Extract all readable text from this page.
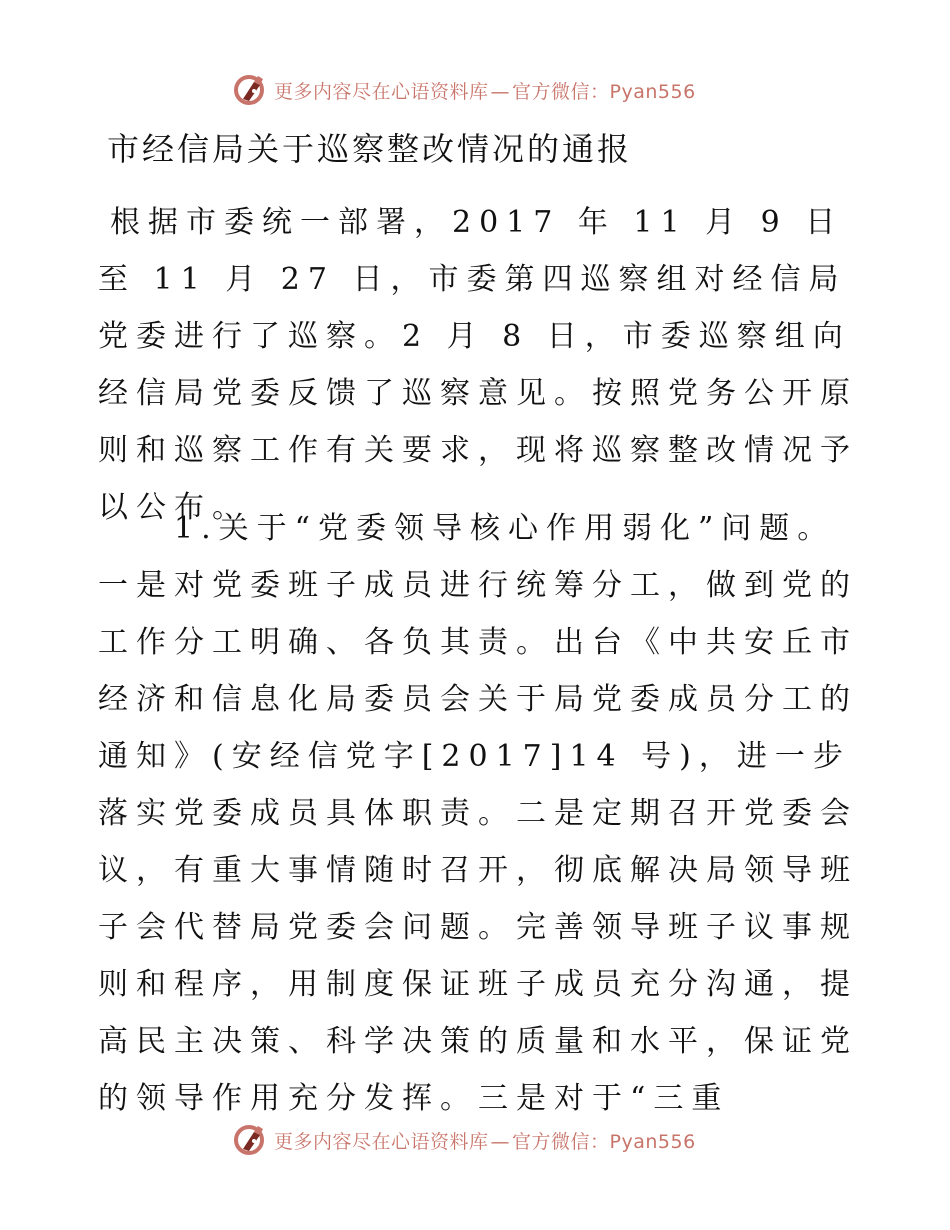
更多内容尽在心语资料库 — 官方微信：Pyan556
市经信局关于巡察整改情况的通报

根据市委统一部署，2017 年 11 月 9 日至 11 月 27 日，市委第四巡察组对经信局党委进行了巡察。2 月 8 日，市委巡察组向经信局党委反馈了巡察意见。按照党务公开原则和巡察工作有关要求，现将巡察整改情况予以公布。

1.关于“党委领导核心作用弱化”问题。一是对党委班子成员进行统筹分工，做到党的工作分工明确、各负其责。出台《中共安丘市经济和信息化局委员会关于局党委成员分工的通知》(安经信党字[2017]14 号)，进一步落实党委成员具体职责。二是定期召开党委会议，有重大事情随时召开，彻底解决局领导班子会代替局党委会问题。完善领导班子议事规则和程序，用制度保证班子成员充分沟通，提高民主决策、科学决策的质量和水平，保证党的领导作用充分发挥。三是对于“三重

更多内容尽在心语资料库 — 官方微信：Pyan556
